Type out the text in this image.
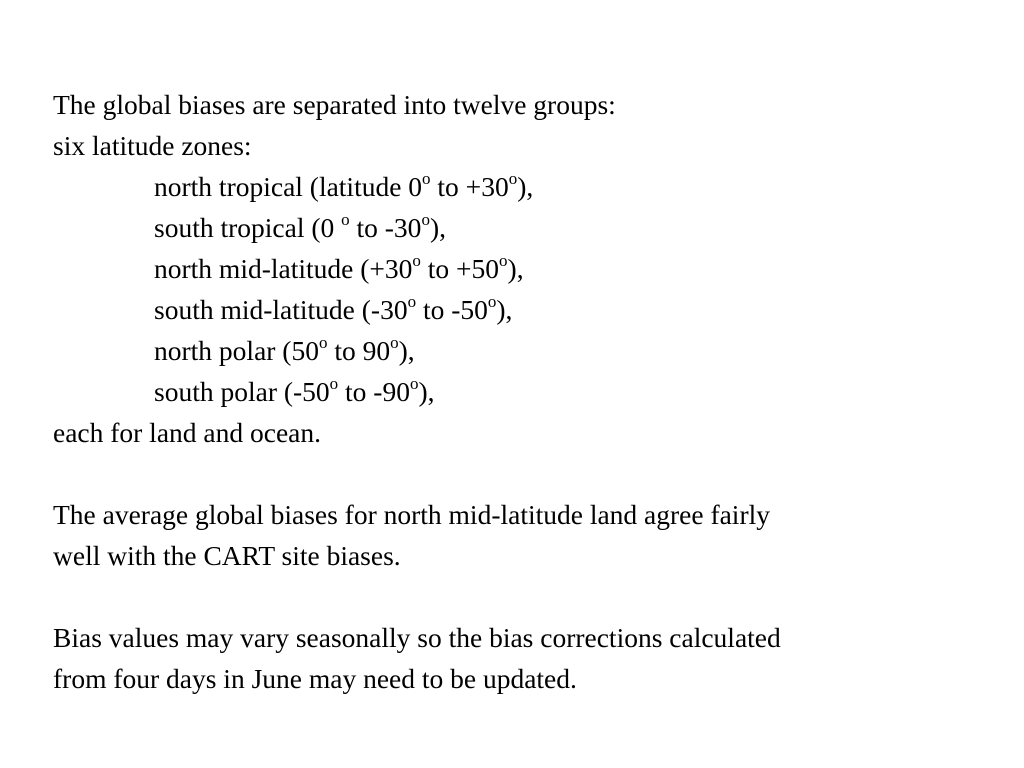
The global biases are separated into twelve groups:
six latitude zones:
north tropical (latitude 0$^o$ to $+30^o$),
south tropical (0 $^o$ to -30$^o$),
north mid-latitude ($+30^o$ to $+50^o$),
south mid-latitude (-30$^o$ to -50$^o$),
north polar (50$^o$ to 90$^o$),
south polar (-50$^o$ to -90$^o$),
each for land and ocean.
The average global biases for north mid-latitude land agree fairly
well with the CART site biases.
Bias values may vary seasonally so the bias corrections calculated
from four days in June may need to be updated.
